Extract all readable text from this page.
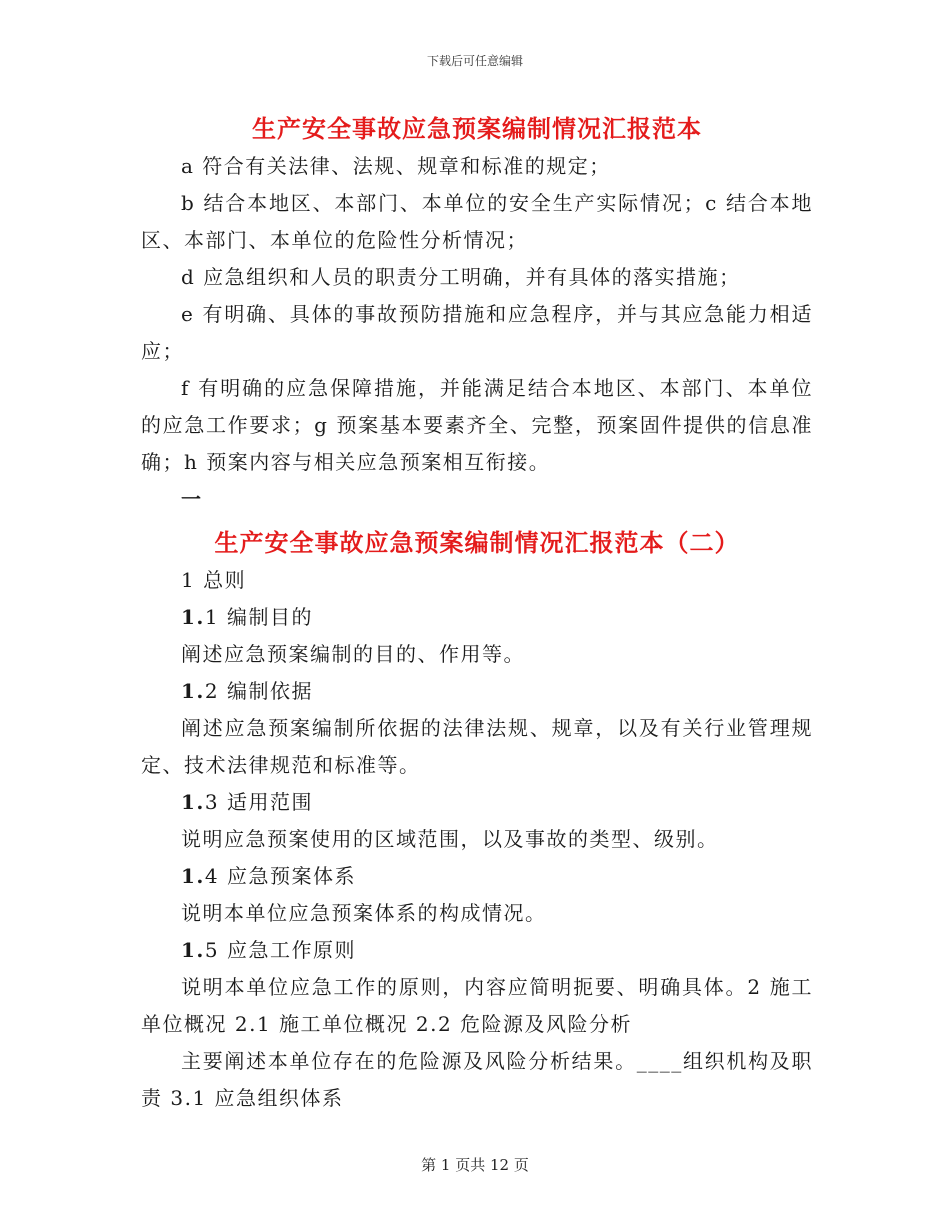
下载后可任意编辑
生产安全事故应急预案编制情况汇报范本

a 符合有关法律、法规、规章和标准的规定；

b 结合本地区、本部门、本单位的安全生产实际情况；c 结合本地区、本部门、本单位的危险性分析情况；

d 应急组织和人员的职责分工明确，并有具体的落实措施；

e 有明确、具体的事故预防措施和应急程序，并与其应急能力相适应；

f 有明确的应急保障措施，并能满足结合本地区、本部门、本单位的应急工作要求；g 预案基本要素齐全、完整，预案固件提供的信息准确；h 预案内容与相关应急预案相互衔接。

一

生产安全事故应急预案编制情况汇报范本（二）

1 总则

1.1 编制目的

阐述应急预案编制的目的、作用等。

1.2 编制依据

阐述应急预案编制所依据的法律法规、规章，以及有关行业管理规定、技术法律规范和标准等。

1.3 适用范围

说明应急预案使用的区域范围，以及事故的类型、级别。

1.4 应急预案体系

说明本单位应急预案体系的构成情况。

1.5 应急工作原则

说明本单位应急工作的原则，内容应简明扼要、明确具体。2 施工单位概况 2.1 施工单位概况 2.2 危险源及风险分析

主要阐述本单位存在的危险源及风险分析结果。____组织机构及职责 3.1 应急组织体系

第 1 页共 12 页
